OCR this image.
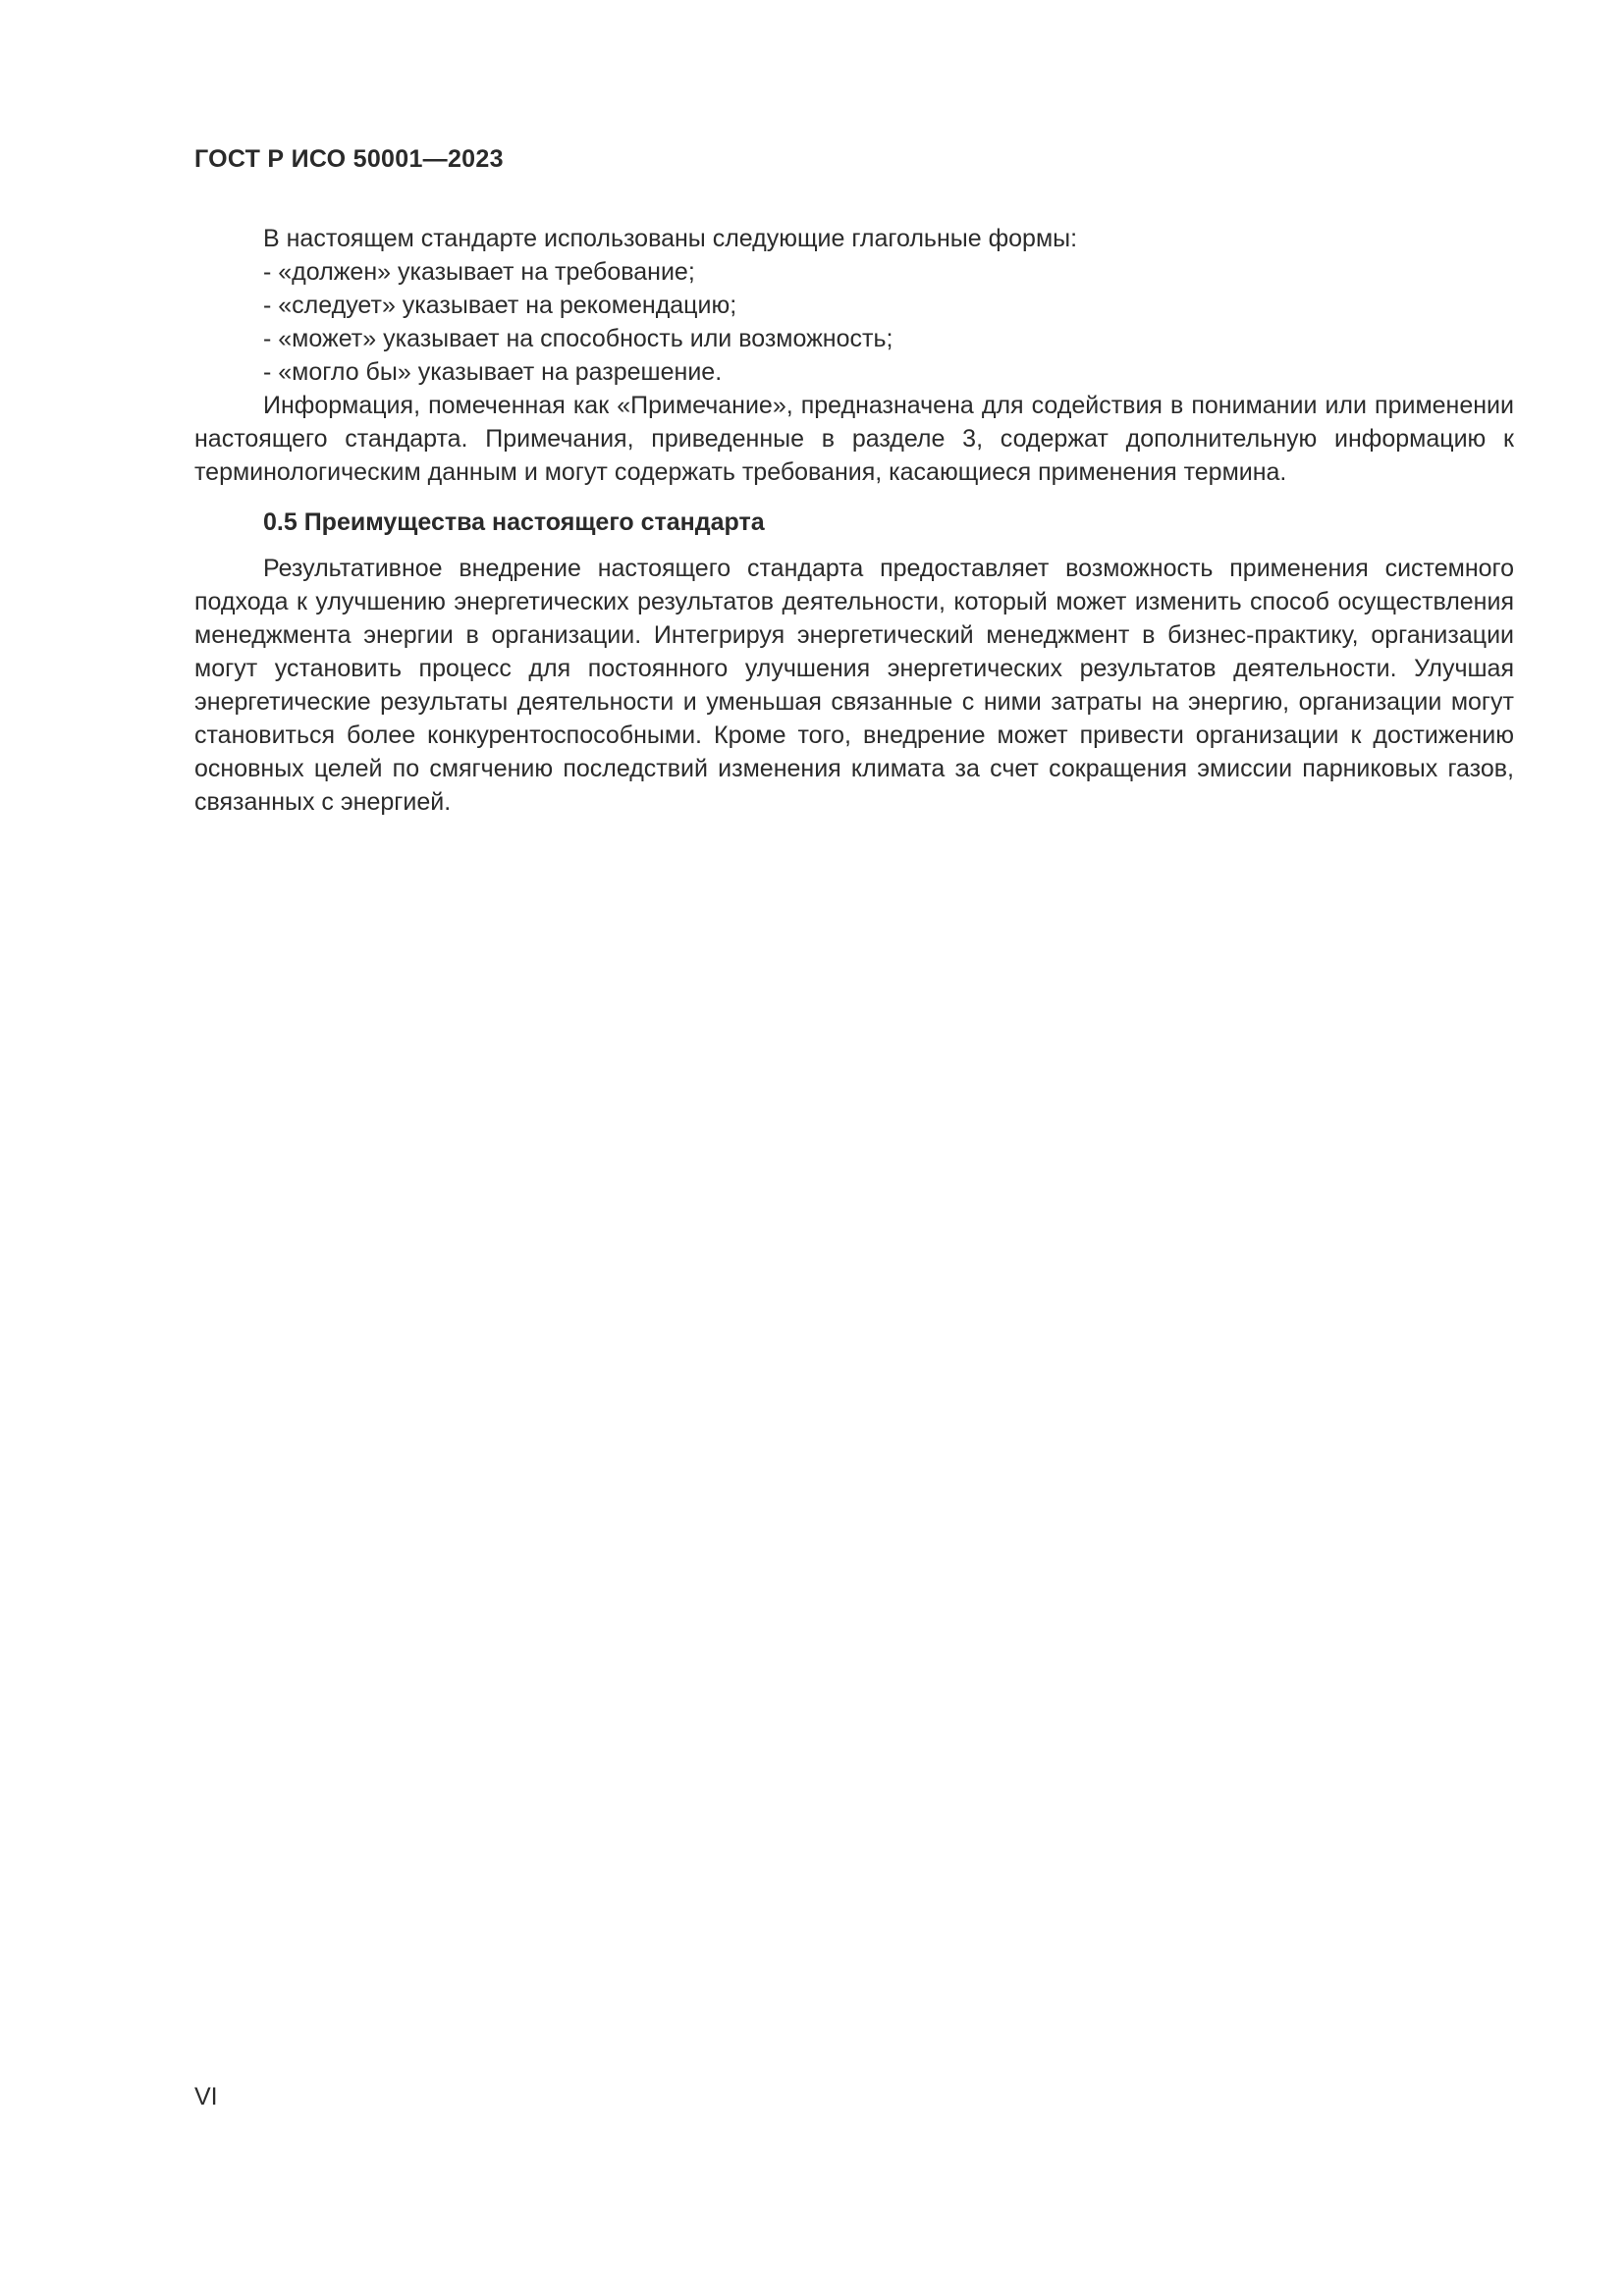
ГОСТ Р ИСО 50001—2023
В настоящем стандарте использованы следующие глагольные формы:
- «должен» указывает на требование;
- «следует» указывает на рекомендацию;
- «может» указывает на способность или возможность;
- «могло бы» указывает на разрешение.
Информация, помеченная как «Примечание», предназначена для содействия в понимании или применении настоящего стандарта. Примечания, приведенные в разделе 3, содержат дополнительную информацию к терминологическим данным и могут содержать требования, касающиеся применения термина.
0.5 Преимущества настоящего стандарта
Результативное внедрение настоящего стандарта предоставляет возможность применения системного подхода к улучшению энергетических результатов деятельности, который может изменить способ осуществления менеджмента энергии в организации. Интегрируя энергетический менеджмент в бизнес-практику, организации могут установить процесс для постоянного улучшения энергетических результатов деятельности. Улучшая энергетические результаты деятельности и уменьшая связанные с ними затраты на энергию, организации могут становиться более конкурентоспособными. Кроме того, внедрение может привести организации к достижению основных целей по смягчению последствий изменения климата за счет сокращения эмиссии парниковых газов, связанных с энергией.
VI
